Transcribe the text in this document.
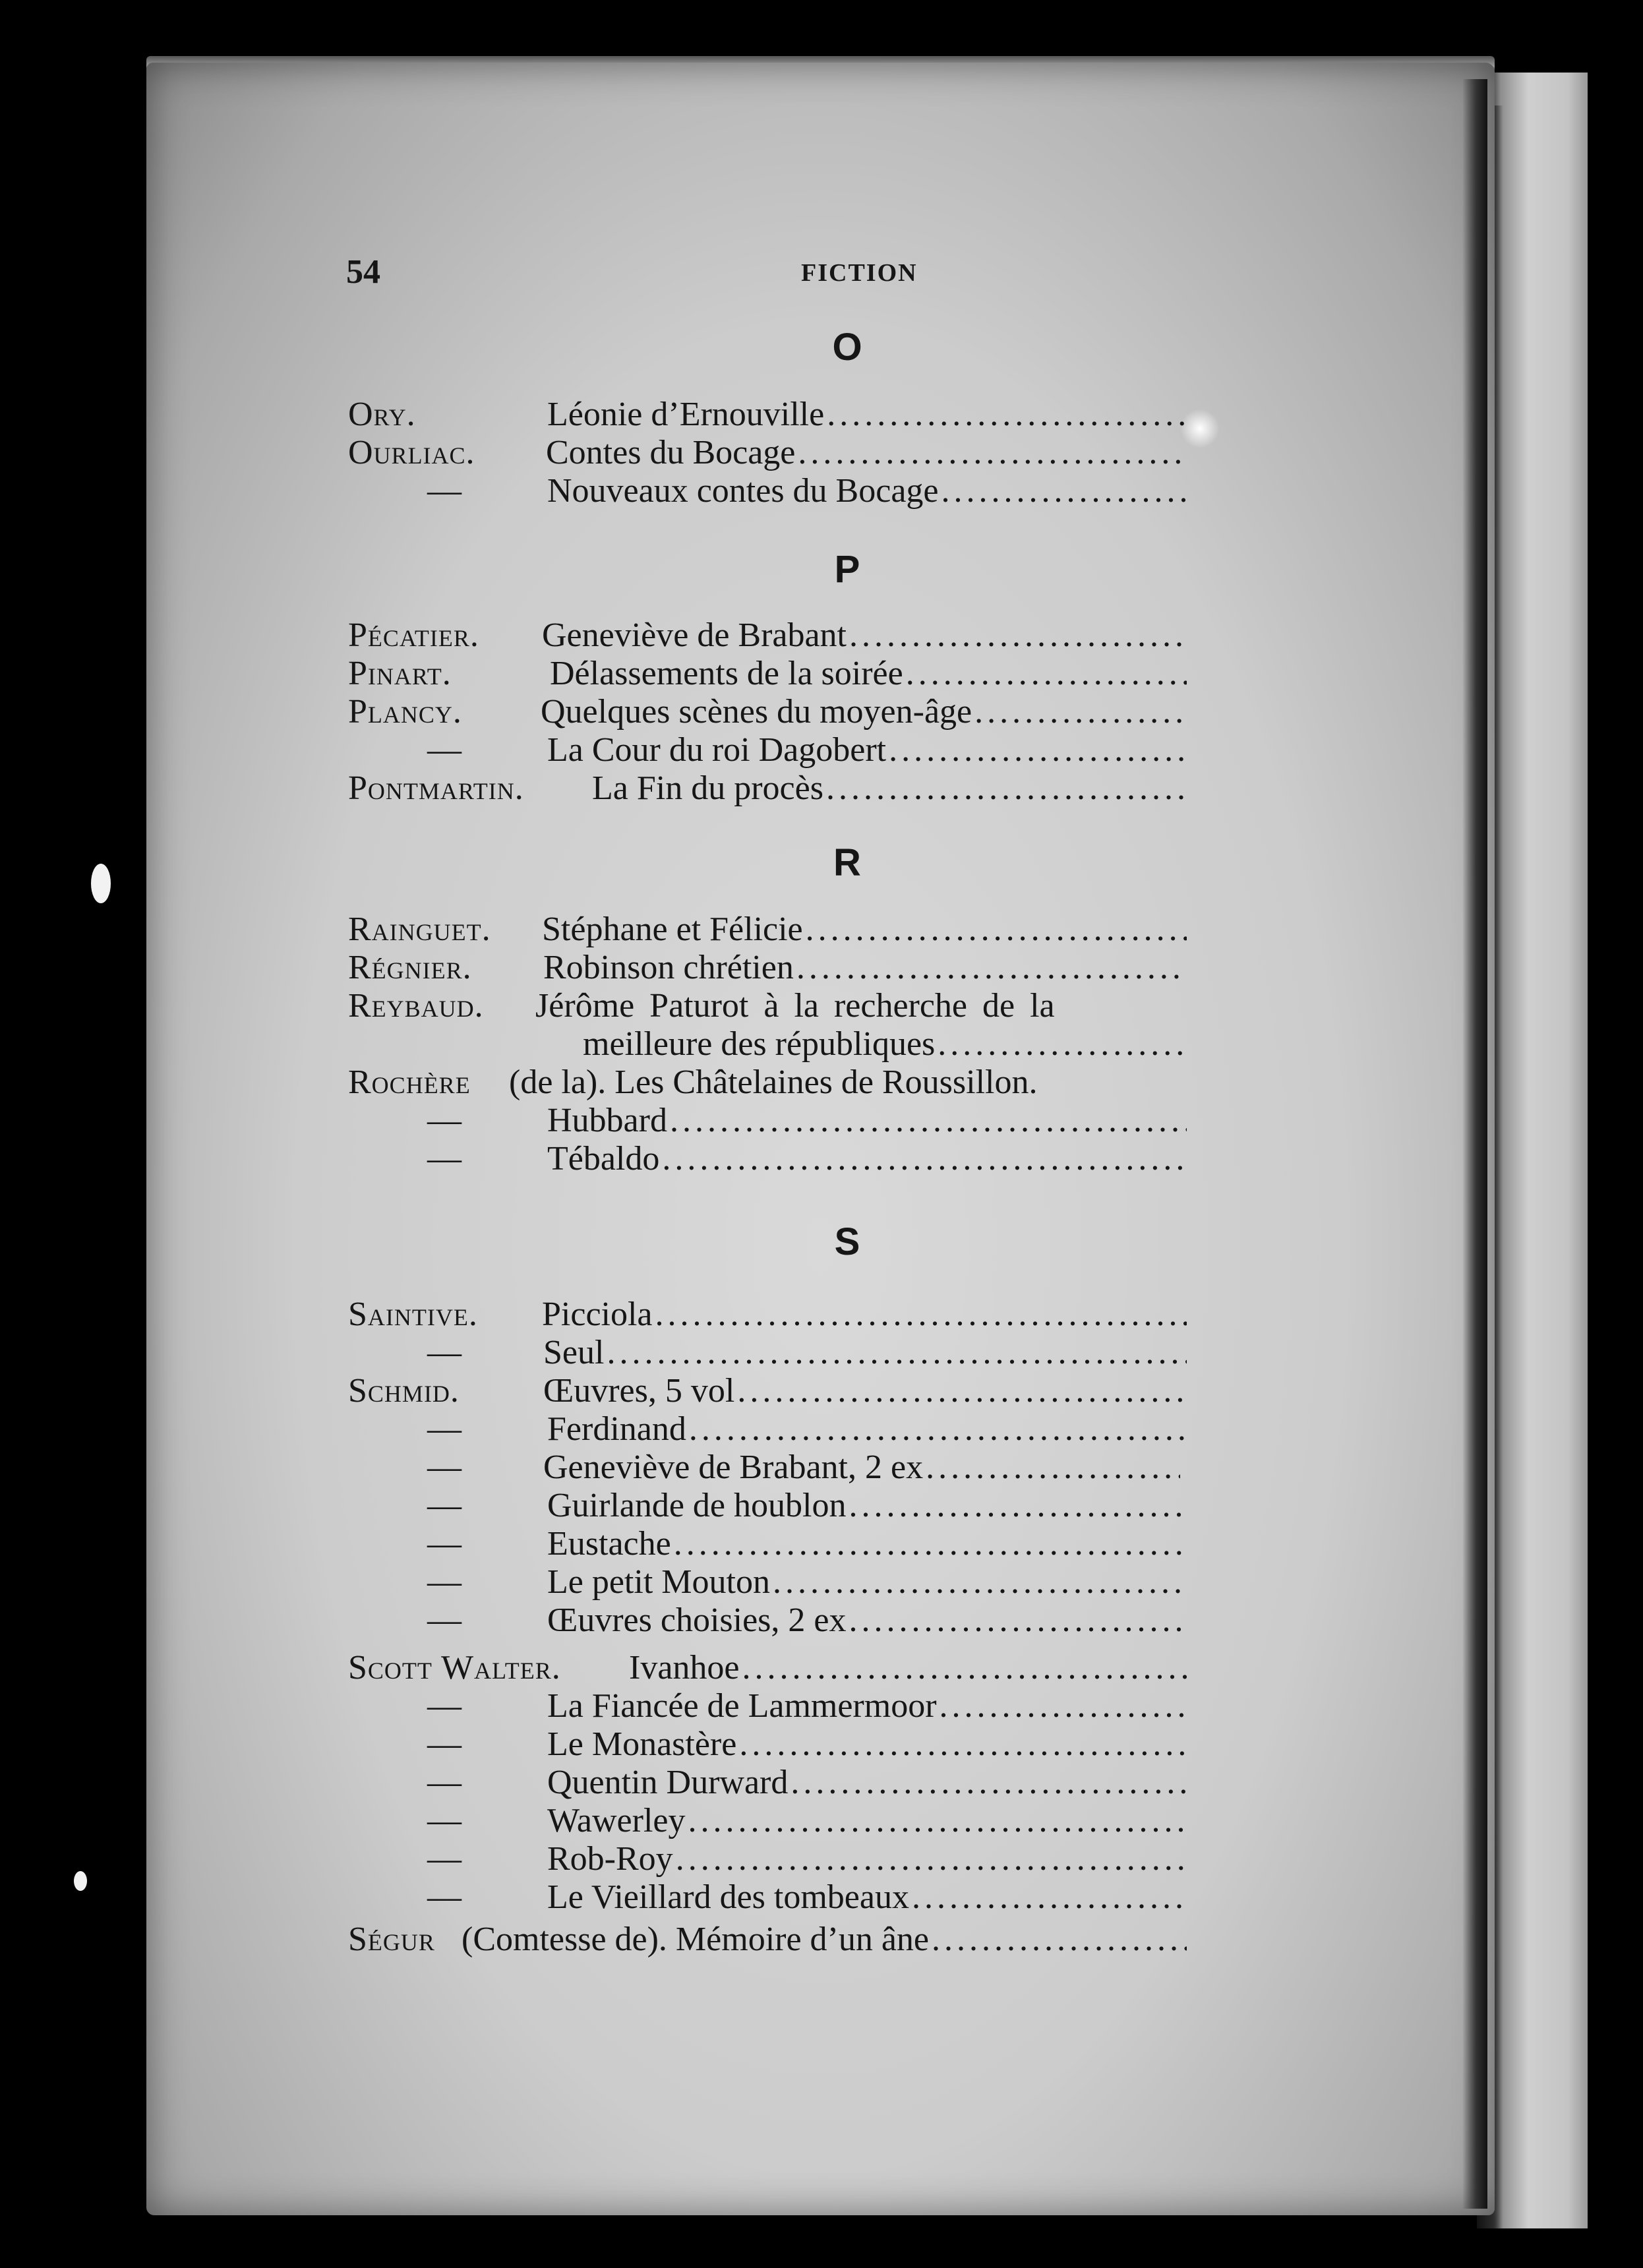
54	FICTION
O
Ory.	Léonie d’Ernouville
.....
Ourliac. Contes du Bocage
.....
— Nouveaux contes du Bocage
.....
P
Pécatier. Geneviève de Brabant
.....
Pinart.	Délassements de la soirée
.....
Plancy. Quelques scènes du moyen-âge
.....
— La Cour du roi Dagobert
.....
Pontmartin. La Fin du procès
.....
R
Rainguet. Stéphane et Félicie
.....
Régnier. Robinson chrétien
.....
Reybaud. Jérôme Paturot à la recherche de la
meilleure des républiques
.....
Rochère (de la). Les Châtelaines de Roussillon.
— Hubbard
.....
— Tébaldo
.....
S
Saintive. Picciola
.....
— Seul
.....
Schmid. Œuvres, 5 vol
.....
— Ferdinand
.....
— Geneviève de Brabant, 2 ex
.....
— Guirlande de houblon
.....
— Eustache
.....
— Le petit Mouton
.....
— Œuvres choisies, 2 ex
.....
Scott Walter. Ivanhoe
.....
— La Fiancée de Lammermoor
.....
— Le Monastère
.....
— Quentin Durward
.....
— Wawerley
.....
— Rob-Roy
.....
— Le Vieillard des tombeaux
.....
Ségur (Comtesse de). Mémoire d’un âne
.....
